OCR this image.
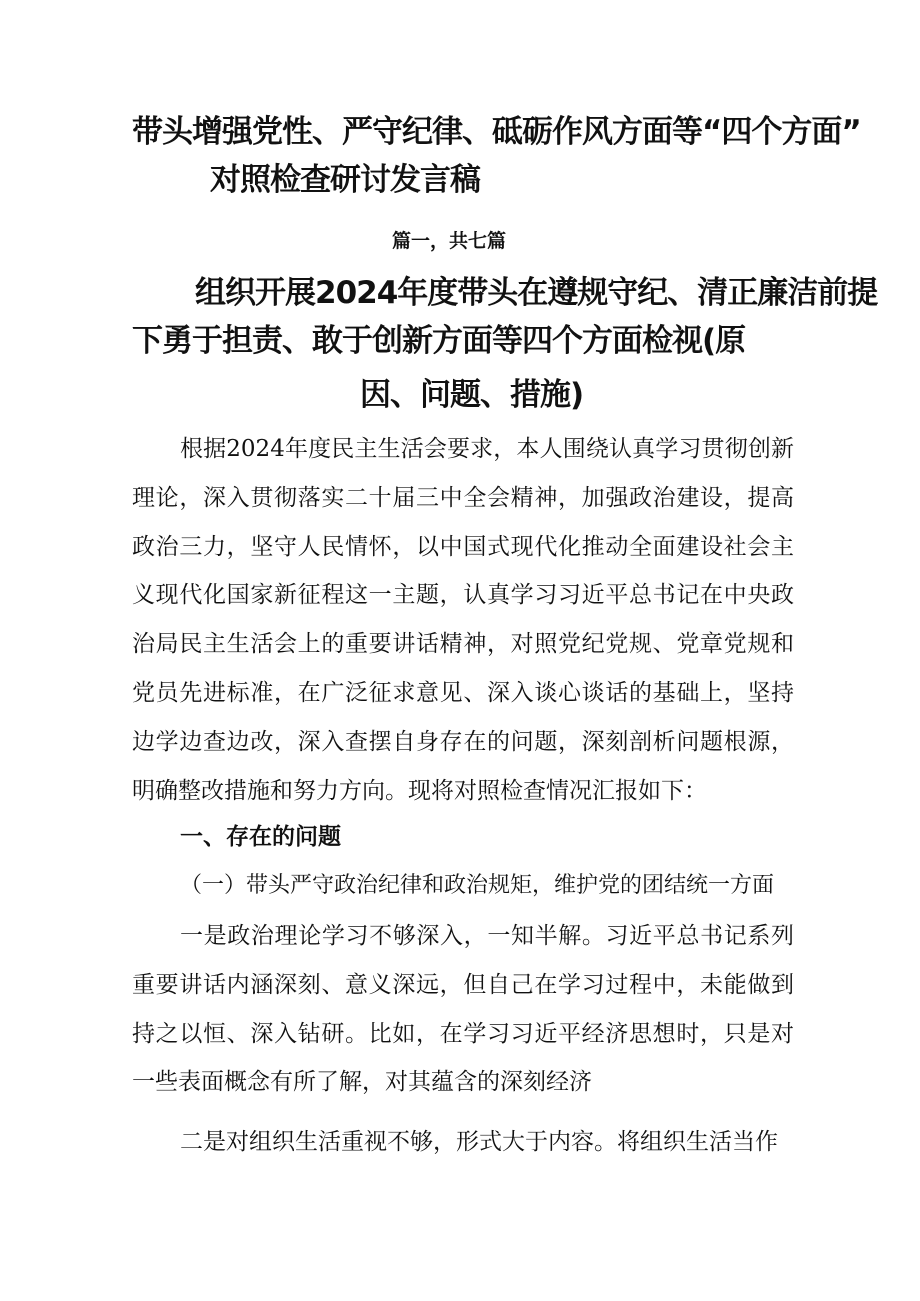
带头增强党性、严守纪律、砥砺作风方面等“四个方面”
对照检查研讨发言稿
篇一，共七篇
组织开展2024年度带头在遵规守纪、清正廉洁前提
下勇于担责、敢于创新方面等四个方面检视(原
因、问题、措施)
根据2024年度民主生活会要求，本人围绕认真学习贯彻创新理论，深入贯彻落实二十届三中全会精神，加强政治建设，提高政治三力，坚守人民情怀，以中国式现代化推动全面建设社会主义现代化国家新征程这一主题，认真学习习近平总书记在中央政治局民主生活会上的重要讲话精神，对照党纪党规、党章党规和党员先进标准，在广泛征求意见、深入谈心谈话的基础上，坚持边学边查边改，深入查摆自身存在的问题，深刻剖析问题根源，明确整改措施和努力方向。现将对照检查情况汇报如下：
一、存在的问题
（一）带头严守政治纪律和政治规矩，维护党的团结统一方面
一是政治理论学习不够深入，一知半解。习近平总书记系列重要讲话内涵深刻、意义深远，但自己在学习过程中，未能做到持之以恒、深入钻研。比如，在学习习近平经济思想时，只是对一些表面概念有所了解，对其蕴含的深刻经济
二是对组织生活重视不够，形式大于内容。将组织生活当作
